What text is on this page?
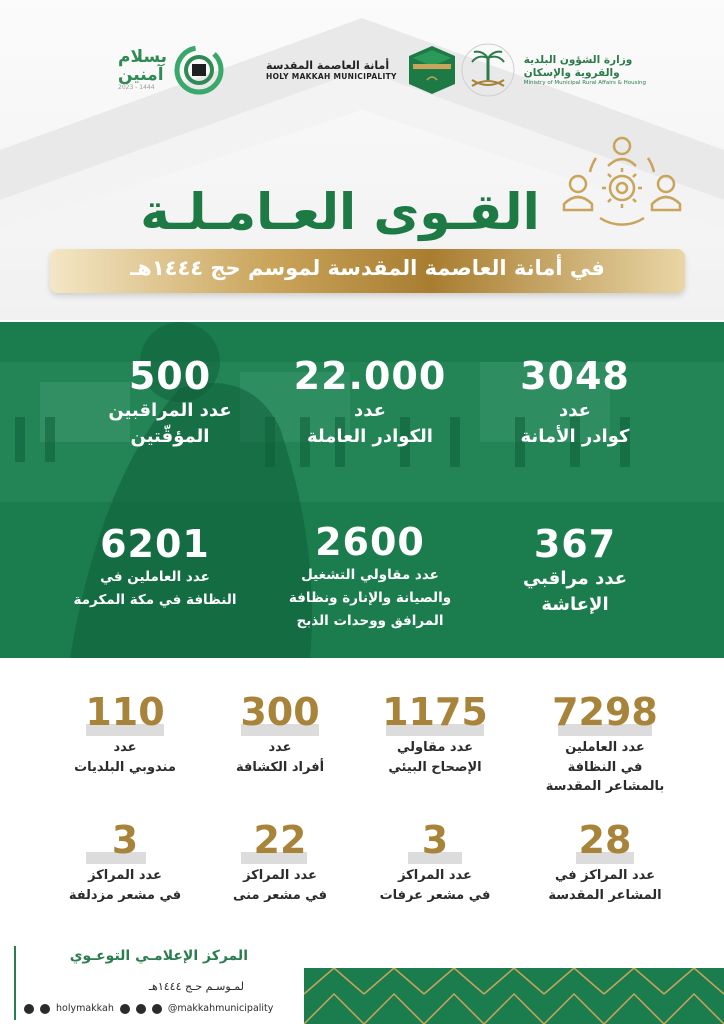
وزارة الشؤون البلدية
والقروية والإسكان
Ministry of Municipal Rural Affairs & Housing
أمانة العاصمة المقدسة
HOLY MAKKAH MUNICIPALITY
بسلام
آمنين
2023 - 1444
القـوى العـامـلـة
في أمانة العاصمة المقدسة لموسم حج ١٤٤٤هـ
3048
عدد
كوادر الأمانة
22.000
عدد
الكوادر العاملة
500
عدد المراقبين
المؤقّتين
367
عدد مراقبي
الإعاشة
2600
عدد مقاولي التشغيل
والصيانة والإنارة ونظافة
المرافق ووحدات الذبح
6201
عدد العاملين في
النظافة في مكة المكرمة
7298
عدد العاملين
في النظافة
بالمشاعر المقدسة
1175
عدد مقاولي
الإصحاح البيئي
300
عدد
أفراد الكشافة
110
عدد
مندوبي البلديات
28
عدد المراكز في
المشاعر المقدسة
3
عدد المراكز
في مشعر عرفات
22
عدد المراكز
في مشعر منى
3
عدد المراكز
في مشعر مزدلفة
المركز الإعلامـي التوعـوي
لمـوسـم حـج ١٤٤٤هـ
holymakkah	@makkahmunicipality
